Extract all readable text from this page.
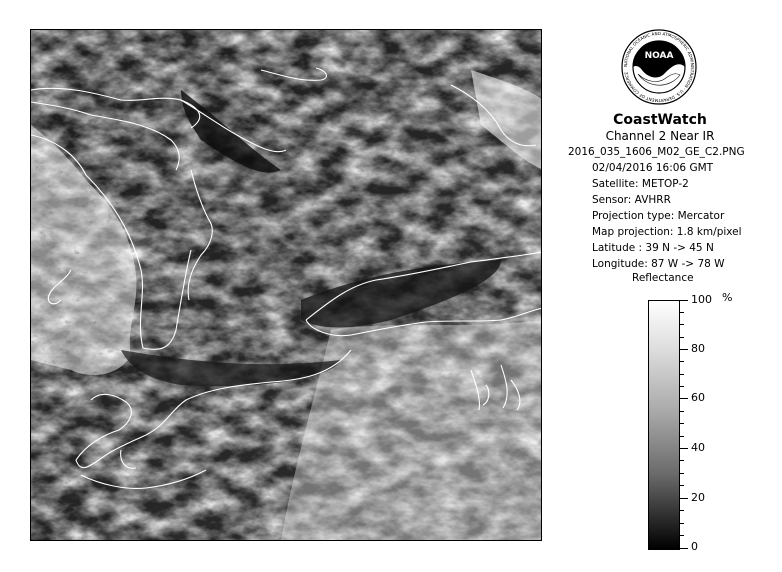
NOAA
NATIONAL OCEANIC AND ATMOSPHERIC ADMINISTRATION · U.S. DEPARTMENT OF COMMERCE
CoastWatch
Channel 2 Near IR
2016_035_1606_M02_GE_C2.PNG
02/04/2016 16:06 GMT
Satellite: METOP-2
Sensor: AVHRR
Projection type: Mercator
Map projection: 1.8 km/pixel
Latitude : 39 N -> 45 N
Longitude: 87 W -> 78 W
Reflectance
%
100
80
60
40
20
0
